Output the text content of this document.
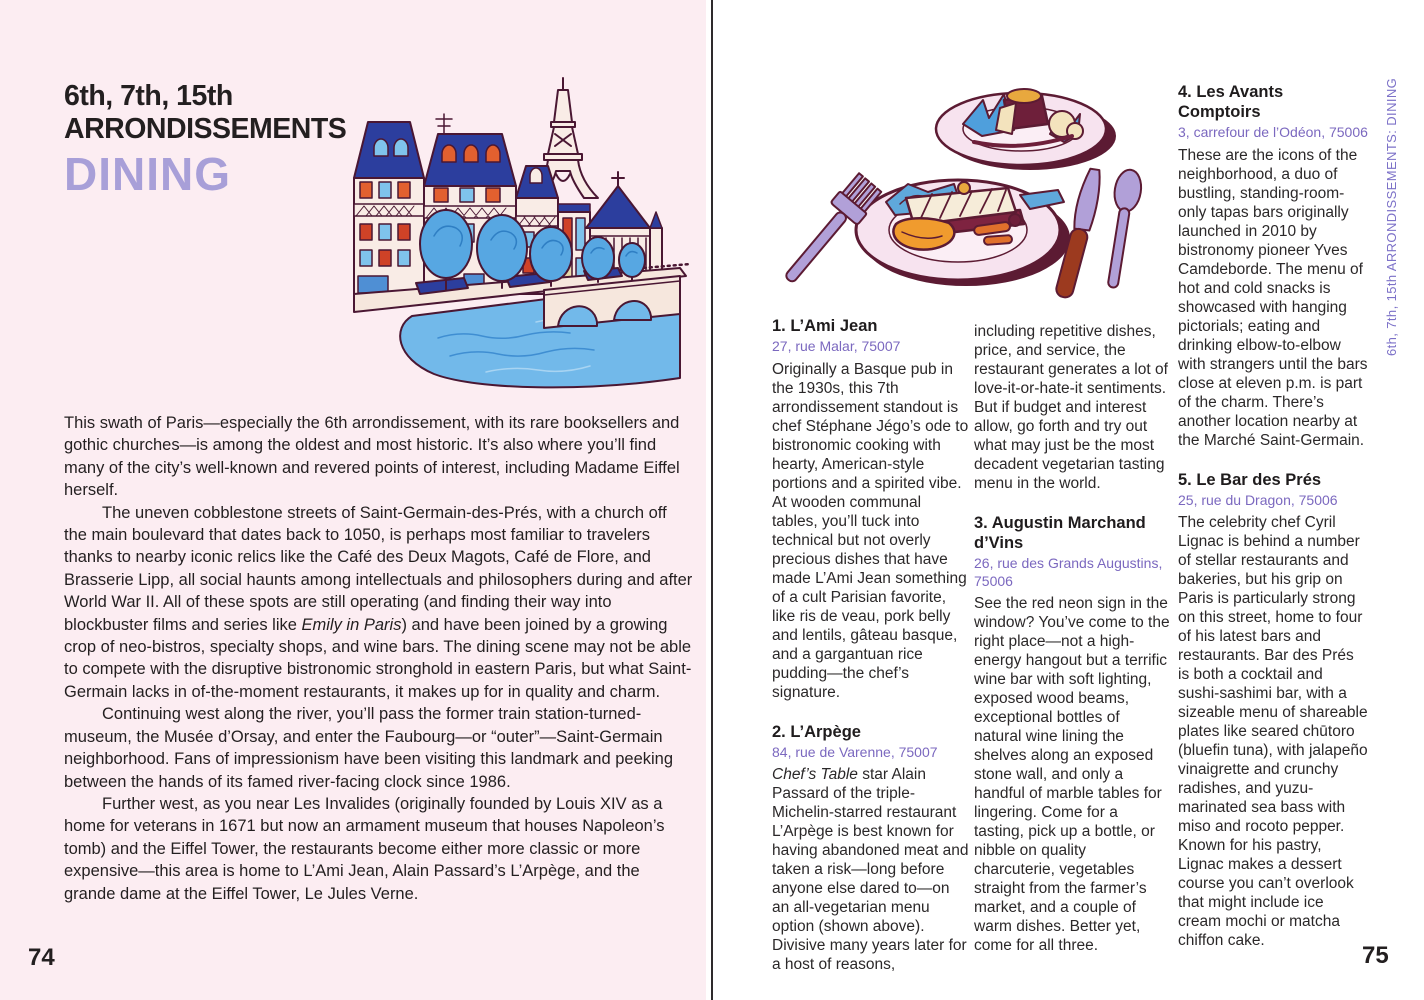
6th, 7th, 15th
ARRONDISSEMENTS
DINING

This swath of Paris—especially the 6th arrondissement, with its rare booksellers and gothic churches—is among the oldest and most historic. It’s also where you’ll find many of the city’s well-known and revered points of interest, including Madame Eiffel herself.

The uneven cobblestone streets of Saint-Germain-des-Prés, with a church off the main boulevard that dates back to 1050, is perhaps most familiar to travelers thanks to nearby iconic relics like the Café des Deux Magots, Café de Flore, and Brasserie Lipp, all social haunts among intellectuals and philosophers during and after World War II. All of these spots are still operating (and finding their way into blockbuster films and series like Emily in Paris) and have been joined by a growing crop of neo-bistros, specialty shops, and wine bars. The dining scene may not be able to compete with the disruptive bistronomic stronghold in eastern Paris, but what Saint-Germain lacks in of-the-moment restaurants, it makes up for in quality and charm.

Continuing west along the river, you’ll pass the former train station-turned-museum, the Musée d’Orsay, and enter the Faubourg—or “outer”—Saint-Germain neighborhood. Fans of impressionism have been visiting this landmark and peeking between the hands of its famed river-facing clock since 1986.

Further west, as you near Les Invalides (originally founded by Louis XIV as a home for veterans in 1671 but now an armament museum that houses Napoleon’s tomb) and the Eiffel Tower, the restaurants become either more classic or more expensive—this area is home to L’Ami Jean, Alain Passard’s L’Arpège, and the grande dame at the Eiffel Tower, Le Jules Verne.

74
1. L’Ami Jean
27, rue Malar, 75007

Originally a Basque pub in the 1930s, this 7th arrondissement standout is chef Stéphane Jégo’s ode to bistronomic cooking with hearty, American-style portions and a spirited vibe. At wooden communal tables, you’ll tuck into technical but not overly precious dishes that have made L’Ami Jean something of a cult Parisian favorite, like ris de veau, pork belly and lentils, gâteau basque, and a gargantuan rice pudding—the chef’s signature.

2. L’Arpège
84, rue de Varenne, 75007

Chef’s Table star Alain Passard of the triple-Michelin-starred restaurant L’Arpège is best known for having abandoned meat and taken a risk—long before anyone else dared to—on an all-vegetarian menu option (shown above). Divisive many years later for a host of reasons,

including repetitive dishes, price, and service, the restaurant generates a lot of love-it-or-hate-it sentiments. But if budget and interest allow, go forth and try out what may just be the most decadent vegetarian tasting menu in the world.

3. Augustin Marchand d’Vins
26, rue des Grands Augustins, 75006

See the red neon sign in the window? You’ve come to the right place—not a high-energy hangout but a terrific wine bar with soft lighting, exposed wood beams, exceptional bottles of natural wine lining the shelves along an exposed stone wall, and only a handful of marble tables for lingering. Come for a tasting, pick up a bottle, or nibble on quality charcuterie, vegetables straight from the farmer’s market, and a couple of warm dishes. Better yet, come for all three.

4. Les Avants Comptoirs
3, carrefour de l’Odéon, 75006

These are the icons of the neighborhood, a duo of bustling, standing-room-only tapas bars originally launched in 2010 by bistronomy pioneer Yves Camdeborde. The menu of hot and cold snacks is showcased with hanging pictorials; eating and drinking elbow-to-elbow with strangers until the bars close at eleven p.m. is part of the charm. There’s another location nearby at the Marché Saint-Germain.

5. Le Bar des Prés
25, rue du Dragon, 75006

The celebrity chef Cyril Lignac is behind a number of stellar restaurants and bakeries, but his grip on Paris is particularly strong on this street, home to four of his latest bars and restaurants. Bar des Prés is both a cocktail and sushi-sashimi bar, with a sizeable menu of shareable plates like seared chūtoro (bluefin tuna), with jalapeño vinaigrette and crunchy radishes, and yuzu-marinated sea bass with miso and rocoto pepper. Known for his pastry, Lignac makes a dessert course you can’t overlook that might include ice cream mochi or matcha chiffon cake.

6th, 7th, 15th ARRONDISSEMENTS: DINING
75
